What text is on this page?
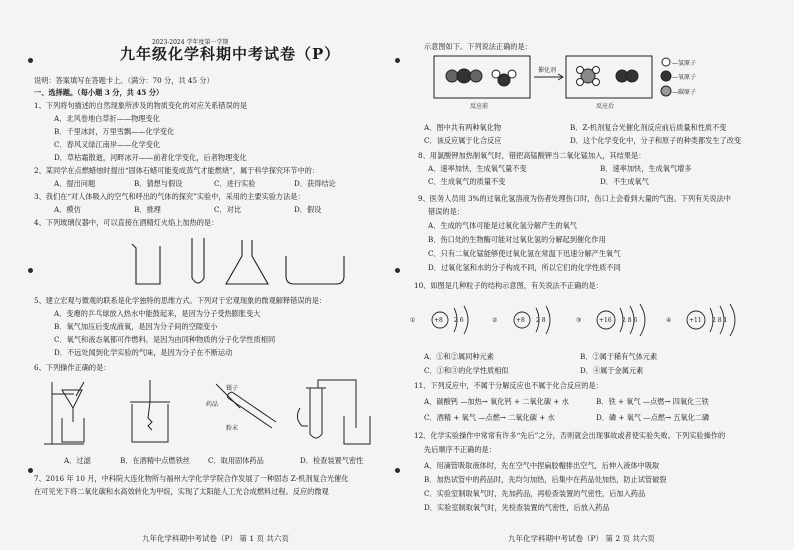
2023-2024 学年度第一学期
九年级化学科期中考试卷（P）
说明：答案填写在答题卡上。（满分：70 分，共 45 分）
一、选择题。（每小题 3 分，共 45 分）
1、下列将句描述的自然现象所涉及的物质变化的对应关系错误的是
A．北风卷地白草折——物理变化
B．千里冰封，万里雪飘——化学变化
C．春风又绿江南岸——化学变化
D．草枯霜散逝，河畔冰开——前者化学变化，后者物理变化
2、某同学在点燃蜡烛时提出“固体石蜡可能变成蒸气才能燃烧”，属于科学探究环节中的：
A．提出问题	B．猜想与假设	C．进行实验	D．获得结论
3、我们在“对人体吸入的空气和呼出的气体的探究”实验中，采用的主要实验方法是：
A．模仿	B．推理	C．对比	D．假设
4、下列玻璃仪器中，可以直接在酒精灯火焰上加热的是：
5、建立宏观与微观的联系是化学独特的思维方式。下列对于宏观现象的微观解释错误的是：
A．变瘪的乒乓球放入热水中能鼓起来，是因为分子受热膨胀变大
B．氧气加压后变成液氧，是因为分子间的空隙变小
C．氧气和液态氧都可作燃料，是因为由同种物质的分子化学性质相同
D．不远处闻到化学实验的气味，是因为分子在不断运动
6、下列操作正确的是：
镊子
药品
粉末
A．过滤	B．在酒精中点燃铁丝	C．取用固体药品	D．检查装置气密性
7、2016 年 10 月，中科院大连化物所与福州大学化学学院合作发展了一种固态 Z-机剂复合光催化
在可见光下将二氧化碳和水高效转化为甲烷，实现了太阳能人工光合成燃料过程。反应的微观
九年化学科期中考试卷（P） 第 1 页 共六页
示意图如下。下列说法正确的是：
催化剂
反应前	反应后
—氢原子
—氧原子
—碳原子
A．图中共有两种氧化物	B．Z-机剂复合光催化剂反应前后质量和性质不变
C．该反应属于化合反应	D．这个化学变化中，分子和原子的种类都发生了改变
8、用氯酸钾加热制氧气时，错把高锰酸钾当二氧化锰加入，其结果是：
A．速率加快，生成氧气量不变	B．速率加快，生成氧气增多
C．生成氧气的质量不变	D．不生成氧气
9、医务人员用 3%的过氧化氢溶液为伤者处理伤口时，伤口上会看到大量的气泡。下列有关说法中
错误的是：
A．生成的气体可能是过氧化氢分解产生的氧气
B．伤口处的生物酶可能对过氧化氢的分解起到催化作用
C．只有二氧化锰能够使过氧化氢在常温下迅速分解产生氧气
D．过氧化氢和水的分子构成不同，所以它们的化学性质不同
10、如图是几种粒子的结构示意图，有关说法不正确的是：
①	+8 2 6	②	+8 2 8	③	+16 2 8 6	④	+11 2 8 1
A．①和②属同种元素	B．②属于稀有气体元素
C．①和③的化学性质相似	D．④属于金属元素
11、下列反应中，不属于分解反应也不属于化合反应的是：
A．碳酸钙 —加热→ 氧化钙 + 二氧化碳 + 水	B．铁 + 氧气 —点燃→ 四氧化三铁
C．酒精 + 氧气 —点燃→ 二氧化碳 + 水	D．磷 + 氧气 —点燃→ 五氧化二磷
12、化学实验操作中常常有许多“先后”之分，否则就会出现事故或者使实验失败。下列实验操作的
先后顺序不正确的是：
A．用滴管吸取液体时，先在空气中捏扁胶帽排出空气，后伸入液体中吸取
B．加热试管中的药品时，先均匀加热，后集中在药品处加热，防止试管破裂
C．实验室制取氧气时，先加药品，再检查装置的气密性，后加入药品
D．实验室制取氧气时，先检查装置的气密性，后放入药品
九年化学科期中考试卷（P） 第 2 页 共六页
